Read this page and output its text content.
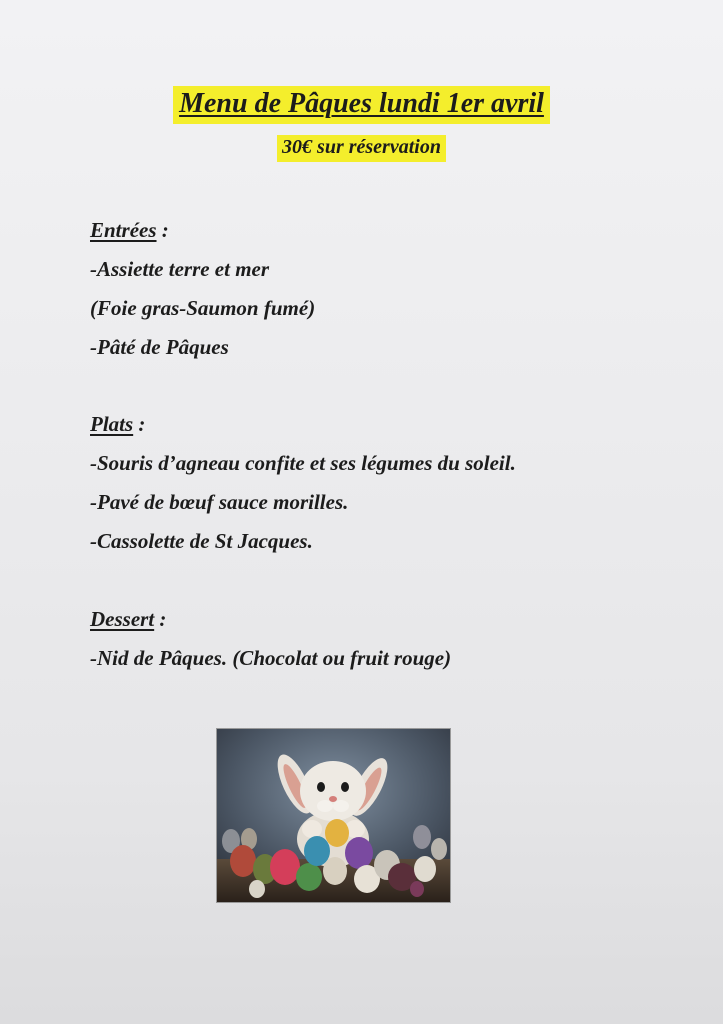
Menu de Pâques lundi 1er avril
30€ sur réservation
Entrées :
-Assiette terre et mer
(Foie gras-Saumon fumé)
-Pâté de Pâques
Plats :
-Souris d’agneau confite et ses légumes du soleil.
-Pavé de bœuf sauce morilles.
-Cassolette de St Jacques.
Dessert :
-Nid de Pâques. (Chocolat ou fruit rouge)
